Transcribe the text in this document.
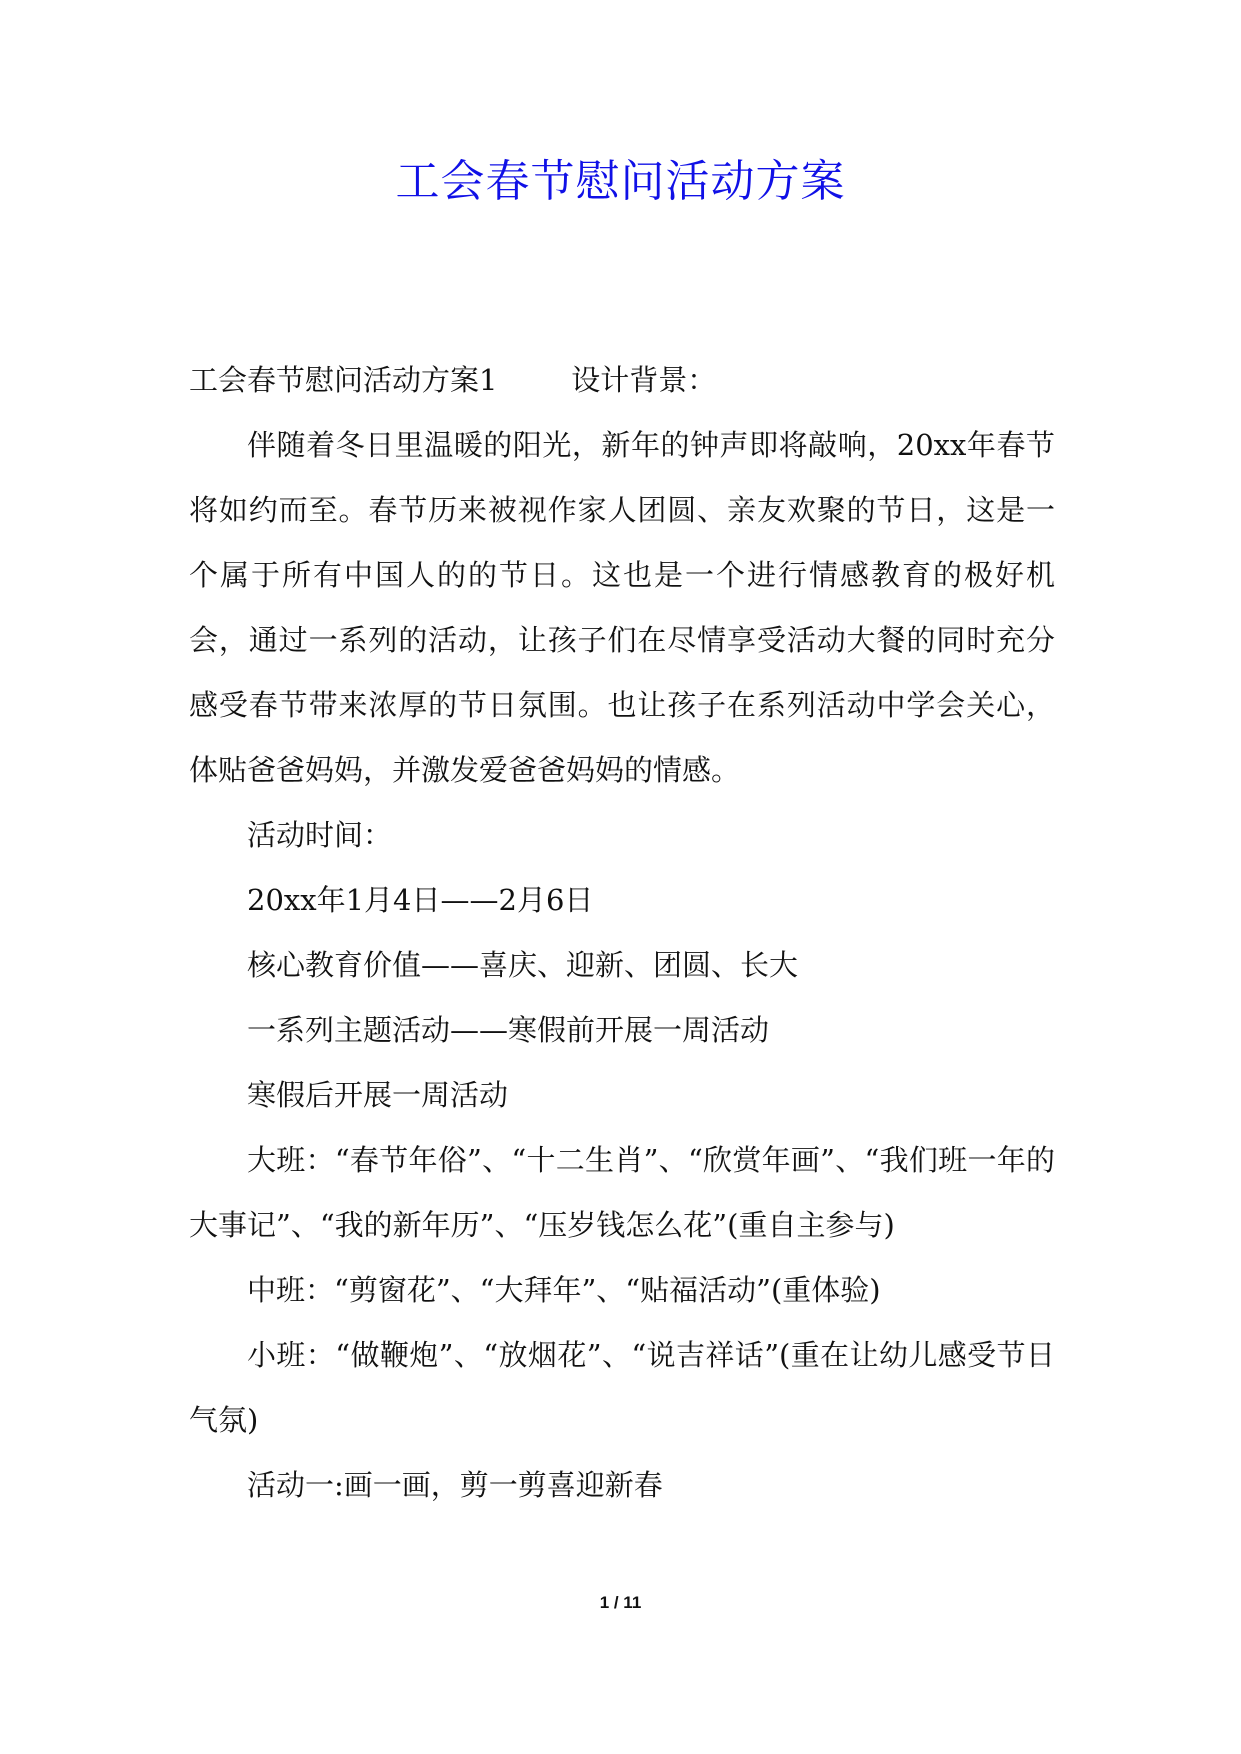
工会春节慰问活动方案

工会春节慰问活动方案1        设计背景：

伴随着冬日里温暖的阳光，新年的钟声即将敲响，20xx年春节将如约而至。春节历来被视作家人团圆、亲友欢聚的节日，这是一个属于所有中国人的的节日。这也是一个进行情感教育的极好机会，通过一系列的活动，让孩子们在尽情享受活动大餐的同时充分感受春节带来浓厚的节日氛围。也让孩子在系列活动中学会关心，体贴爸爸妈妈，并激发爱爸爸妈妈的情感。

活动时间：

20xx年1月4日——2月6日

核心教育价值——喜庆、迎新、团圆、长大

一系列主题活动——寒假前开展一周活动

寒假后开展一周活动

大班：“春节年俗”、“十二生肖”、“欣赏年画”、“我们班一年的大事记”、“我的新年历”、“压岁钱怎么花”(重自主参与)

中班：“剪窗花”、“大拜年”、“贴福活动”(重体验)

小班：“做鞭炮”、“放烟花”、“说吉祥话”(重在让幼儿感受节日气氛)

活动一:画一画，剪一剪喜迎新春

1 / 11
